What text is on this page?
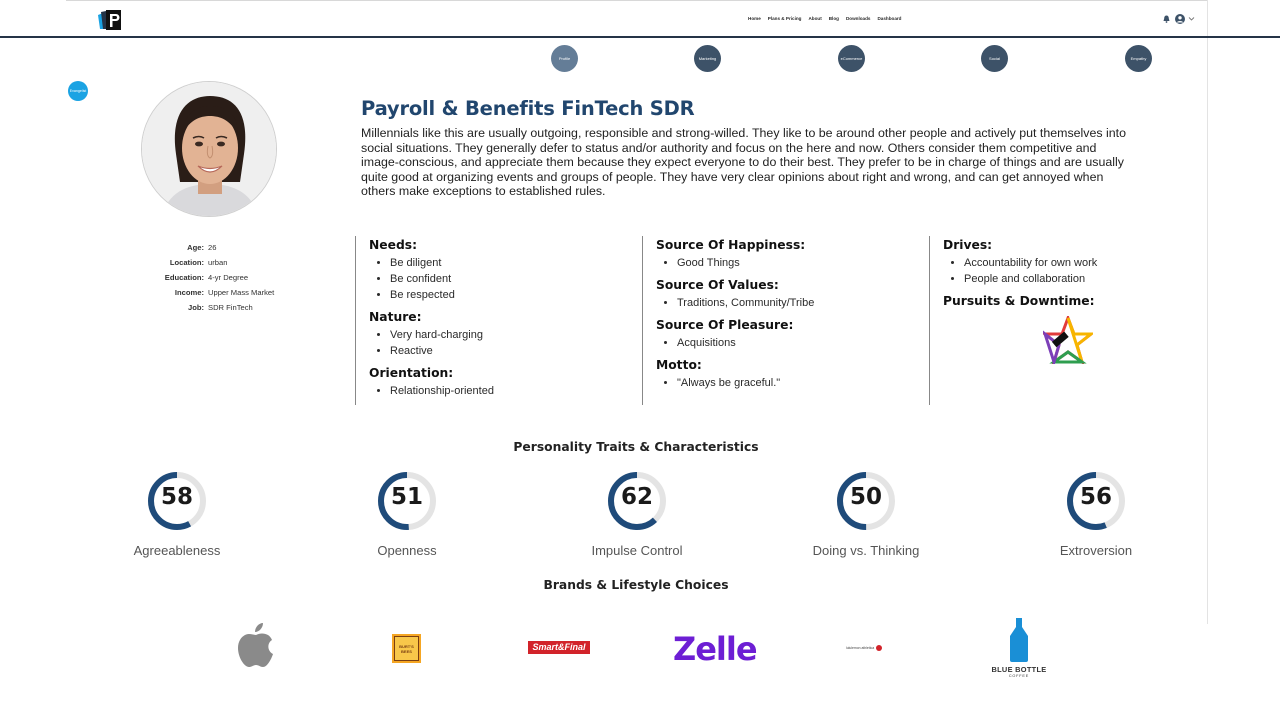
Home Plans & Pricing About Blog Downloads Dashboard
Profile	Marketing	eCommerce	Social	Empathy
Evangelist
Payroll & Benefits FinTech SDR
Millennials like this are usually outgoing, responsible and strong-willed. They like to be around other people and actively put themselves into social situations. They generally defer to status and/or authority and focus on the here and now. Others consider them competitive and image-conscious, and appreciate them because they expect everyone to do their best. They prefer to be in charge of things and are usually quite good at organizing events and groups of people. They have very clear opinions about right and wrong, and can get annoyed when others make exceptions to established rules.
Age: 26
Location: urban
Education: 4-yr Degree
Income: Upper Mass Market
Job: SDR FinTech
Needs:
• Be diligent
• Be confident
• Be respected
Nature:
• Very hard-charging
• Reactive
Orientation:
• Relationship-oriented
Source Of Happiness:
• Good Things
Source Of Values:
• Traditions, Community/Tribe
Source Of Pleasure:
• Acquisitions
Motto:
• "Always be graceful."
Drives:
• Accountability for own work
• People and collaboration
Pursuits & Downtime:
Personality Traits & Characteristics
58
Agreeableness
51
Openness
62
Impulse Control
50
Doing vs. Thinking
56
Extroversion
Brands & Lifestyle Choices
BURT'S BEES	Smart&Final	Zelle	lululemon athletica
BLUE BOTTLE
COFFEE
